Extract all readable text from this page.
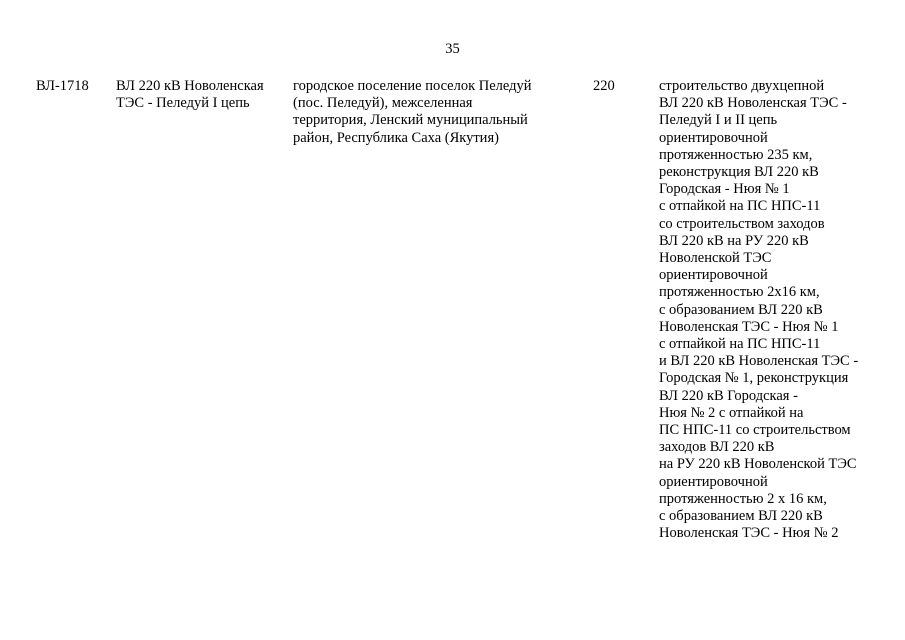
35
ВЛ-1718	ВЛ 220 кВ Новоленская
ТЭС - Пеледуй I цепь
городское поселение поселок Пеледуй
(пос. Пеледуй), межселенная
территория, Ленский муниципальный
район, Республика Саха (Якутия)
220	строительство двухцепной
ВЛ 220 кВ Новоленская ТЭС -
Пеледуй I и II цепь
ориентировочной
протяженностью 235 км,
реконструкция ВЛ 220 кВ
Городская - Нюя № 1
с отпайкой на ПС НПС-11
со строительством заходов
ВЛ 220 кВ на РУ 220 кВ
Новоленской ТЭС
ориентировочной
протяженностью 2х16 км,
с образованием ВЛ 220 кВ
Новоленская ТЭС - Нюя № 1
с отпайкой на ПС НПС-11
и ВЛ 220 кВ Новоленская ТЭС -
Городская № 1, реконструкция
ВЛ 220 кВ Городская -
Нюя № 2 с отпайкой на
ПС НПС-11 со строительством
заходов ВЛ 220 кВ
на РУ 220 кВ Новоленской ТЭС
ориентировочной
протяженностью 2 х 16 км,
с образованием ВЛ 220 кВ
Новоленская ТЭС - Нюя № 2
